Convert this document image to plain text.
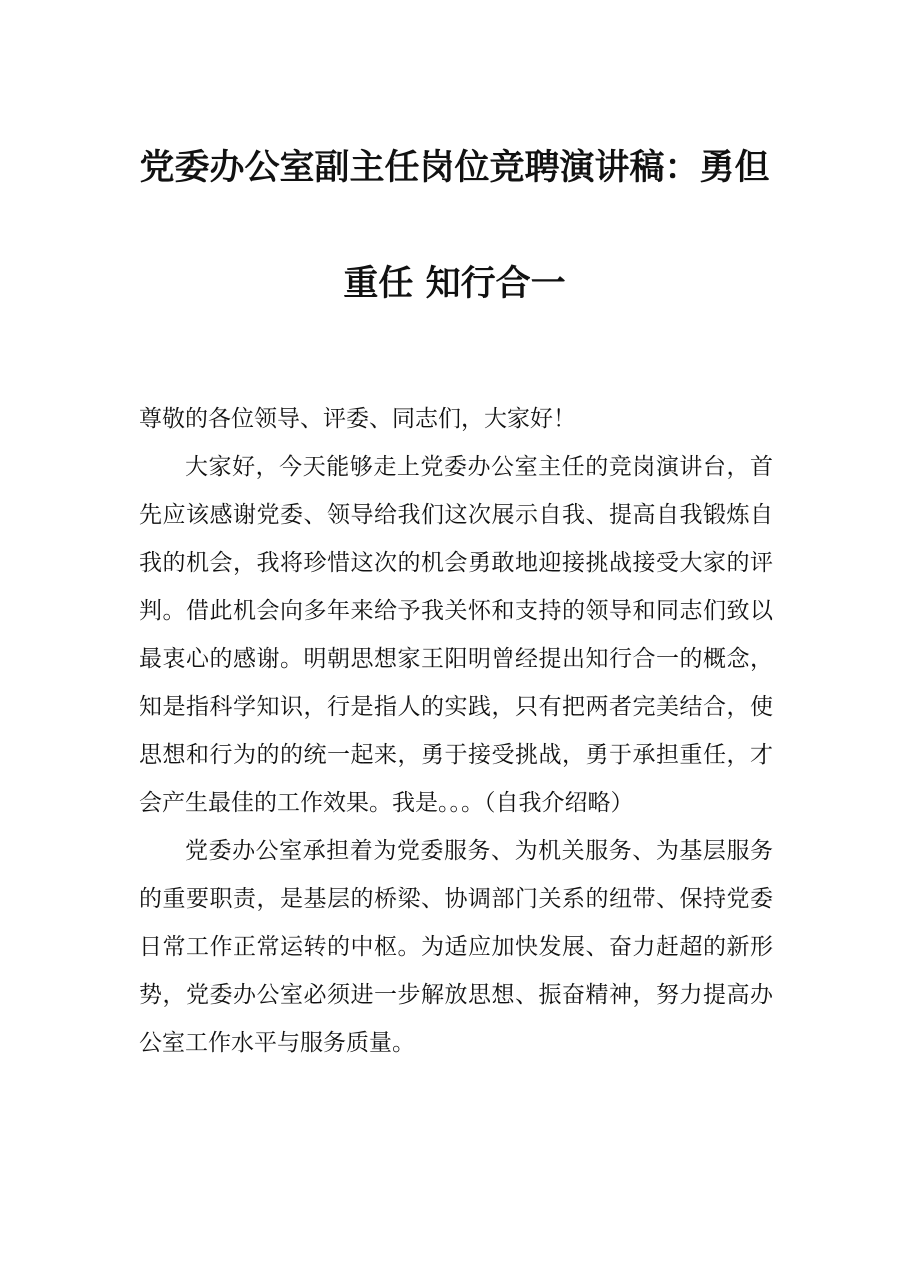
党委办公室副主任岗位竞聘演讲稿：勇但
重任 知行合一

尊敬的各位领导、评委、同志们，大家好！

大家好，今天能够走上党委办公室主任的竞岗演讲台，首先应该感谢党委、领导给我们这次展示自我、提高自我锻炼自我的机会，我将珍惜这次的机会勇敢地迎接挑战接受大家的评判。借此机会向多年来给予我关怀和支持的领导和同志们致以最衷心的感谢。明朝思想家王阳明曾经提出知行合一的概念，知是指科学知识，行是指人的实践，只有把两者完美结合，使思想和行为的的统一起来，勇于接受挑战，勇于承担重任，才会产生最佳的工作效果。我是。。。（自我介绍略）

党委办公室承担着为党委服务、为机关服务、为基层服务的重要职责，是基层的桥梁、协调部门关系的纽带、保持党委日常工作正常运转的中枢。为适应加快发展、奋力赶超的新形势，党委办公室必须进一步解放思想、振奋精神，努力提高办公室工作水平与服务质量。
